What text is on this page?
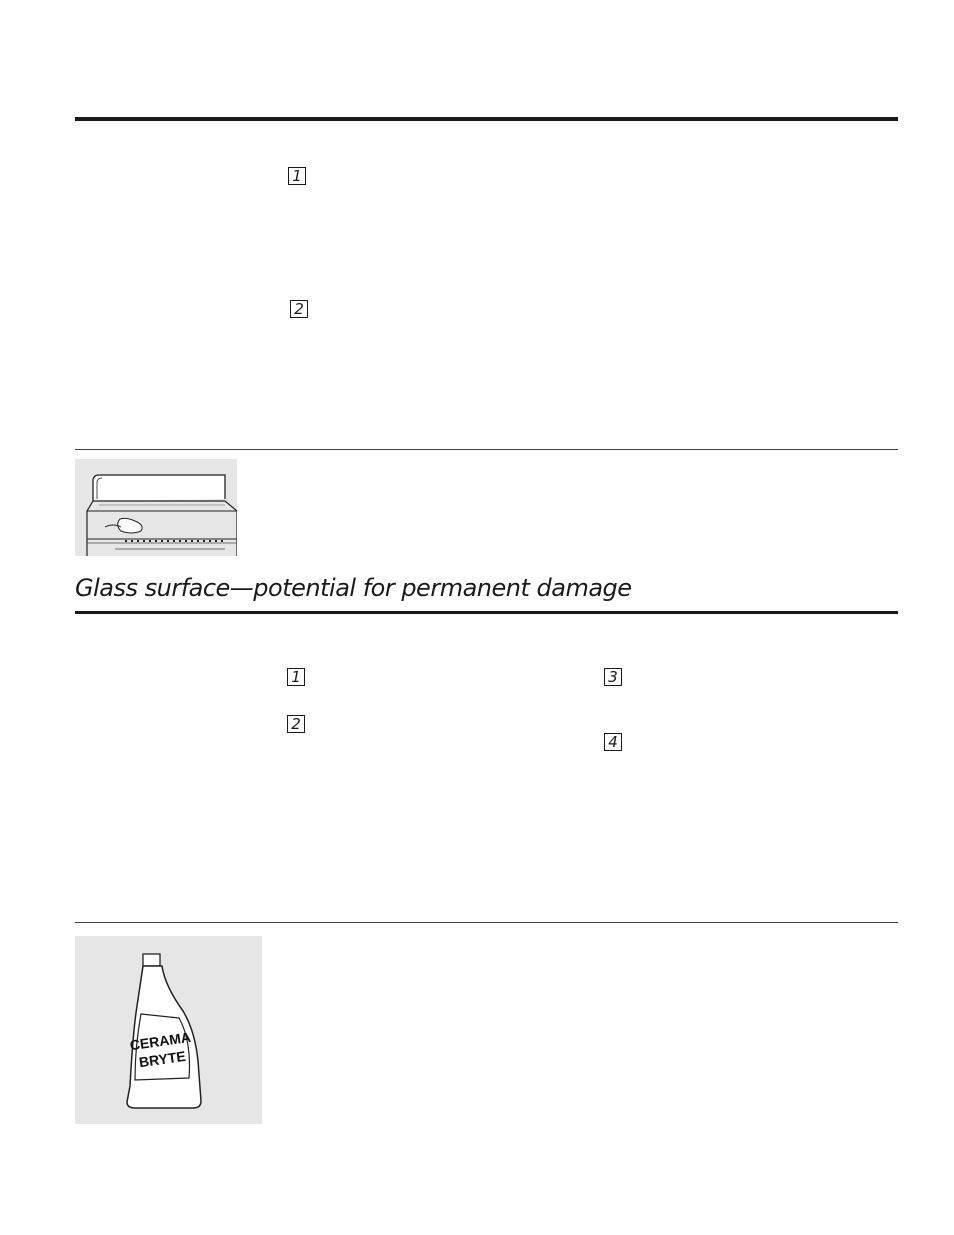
1
2
Glass surface—potential for permanent damage
1
2
3
4
CERAMA
BRYTE
